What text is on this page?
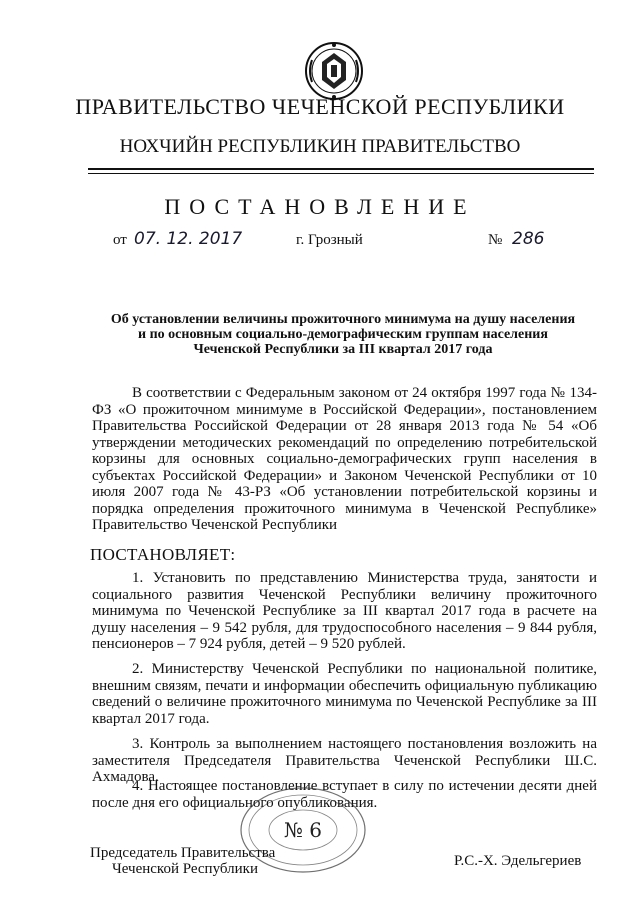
ПРАВИТЕЛЬСТВО ЧЕЧЕНСКОЙ РЕСПУБЛИКИ
НОХЧИЙН РЕСПУБЛИКИН ПРАВИТЕЛЬСТВО
ПОСТАНОВЛЕНИЕ
от 07. 12. 2017	г. Грозный	№ 286
Об установлении величины прожиточного минимума на душу населения
и по основным социально-демографическим группам населения
Чеченской Республики за III квартал 2017 года

В соответствии с Федеральным законом от 24 октября 1997 года № 134-ФЗ «О прожиточном минимуме в Российской Федерации», постановлением Правительства Российской Федерации от 28 января 2013 года № 54 «Об утверждении методических рекомендаций по определению потребительской корзины для основных социально-демографических групп населения в субъектах Российской Федерации» и Законом Чеченской Республики от 10 июля 2007 года № 43-РЗ «Об установлении потребительской корзины и порядка определения прожиточного минимума в Чеченской Республике» Правительство Чеченской Республики

ПОСТАНОВЛЯЕТ:

1. Установить по представлению Министерства труда, занятости и социального развития Чеченской Республики величину прожиточного минимума по Чеченской Республике за III квартал 2017 года в расчете на душу населения – 9 542 рубля, для трудоспособного населения – 9 844 рубля, пенсионеров – 7 924 рубля, детей – 9 520 рублей.

2. Министерству Чеченской Республики по национальной политике, внешним связям, печати и информации обеспечить официальную публикацию сведений о величине прожиточного минимума по Чеченской Республике за III квартал 2017 года.

3. Контроль за выполнением настоящего постановления возложить на заместителя Председателя Правительства Чеченской Республики Ш.С. Ахмадова.

4. Настоящее постановление вступает в силу по истечении десяти дней после дня его официального опубликования.

№ 6
Председатель Правительства
Чеченской Республики	Р.С.-Х. Эдельгериев
